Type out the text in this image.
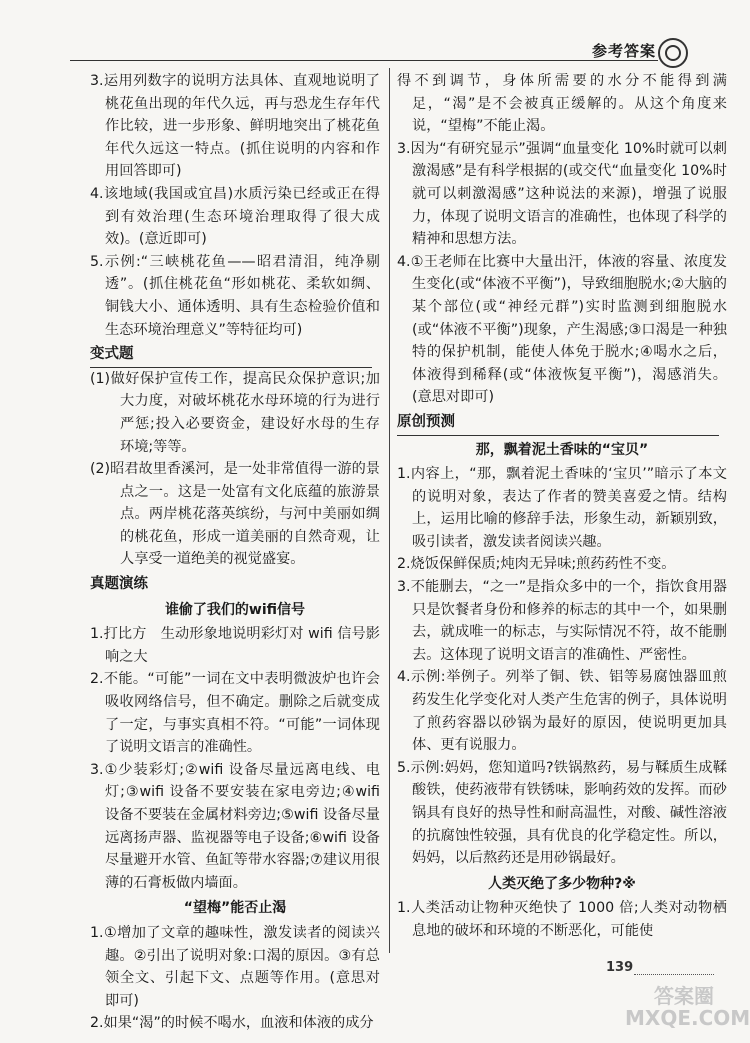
参考答案

3.运用列数字的说明方法具体、直观地说明了桃花鱼出现的年代久远，再与恐龙生存年代作比较，进一步形象、鲜明地突出了桃花鱼年代久远这一特点。(抓住说明的内容和作用回答即可)

4.该地域(我国或宜昌)水质污染已经或正在得到有效治理(生态环境治理取得了很大成效)。(意近即可)

5.示例:“三峡桃花鱼——昭君清泪，纯净剔透”。(抓住桃花鱼“形如桃花、柔软如绸、铜钱大小、通体透明、具有生态检验价值和生态环境治理意义”等特征均可)

变式题

(1)做好保护宣传工作，提高民众保护意识;加大力度，对破坏桃花水母环境的行为进行严惩;投入必要资金，建设好水母的生存环境;等等。

(2)昭君故里香溪河，是一处非常值得一游的景点之一。这是一处富有文化底蕴的旅游景点。两岸桃花落英缤纷，与河中美丽如绸的桃花鱼，形成一道美丽的自然奇观，让人享受一道绝美的视觉盛宴。

真题演练
谁偷了我们的wifi信号

1.打比方　生动形象地说明彩灯对 wifi 信号影响之大

2.不能。“可能”一词在文中表明微波炉也许会吸收网络信号，但不确定。删除之后就变成了一定，与事实真相不符。“可能”一词体现了说明文语言的准确性。

3.①少装彩灯;②wifi 设备尽量远离电线、电灯;③wifi 设备不要安装在家电旁边;④wifi 设备不要装在金属材料旁边;⑤wifi 设备尽量远离扬声器、监视器等电子设备;⑥wifi 设备尽量避开水管、鱼缸等带水容器;⑦建议用很薄的石膏板做内墙面。

“望梅”能否止渴

1.①增加了文章的趣味性，激发读者的阅读兴趣。②引出了说明对象:口渴的原因。③有总领全文、引起下文、点题等作用。(意思对即可)

2.如果“渴”的时候不喝水，血液和体液的成分

得不到调节，身体所需要的水分不能得到满足，“渴”是不会被真正缓解的。从这个角度来说，“望梅”不能止渴。

3.因为“有研究显示”强调“血量变化 10%时就可以刺激渴感”是有科学根据的(或交代“血量变化 10%时就可以刺激渴感”这种说法的来源)，增强了说服力，体现了说明文语言的准确性，也体现了科学的精神和思想方法。

4.①王老师在比赛中大量出汗，体液的容量、浓度发生变化(或“体液不平衡”)，导致细胞脱水;②大脑的某个部位(或“神经元群”)实时监测到细胞脱水(或“体液不平衡”)现象，产生渴感;③口渴是一种独特的保护机制，能使人体免于脱水;④喝水之后，体液得到稀释(或“体液恢复平衡”)，渴感消失。(意思对即可)

原创预测
那，飘着泥土香味的“宝贝”

1.内容上，“那，飘着泥土香味的‘宝贝’”暗示了本文的说明对象，表达了作者的赞美喜爱之情。结构上，运用比喻的修辞手法，形象生动，新颖别致，吸引读者，激发读者阅读兴趣。

2.烧饭保鲜保质;炖肉无异味;煎药药性不变。

3.不能删去，“之一”是指众多中的一个，指饮食用器只是饮餐者身份和修养的标志的其中一个，如果删去，就成唯一的标志，与实际情况不符，故不能删去。这体现了说明文语言的准确性、严密性。

4.示例:举例子。列举了铜、铁、铝等易腐蚀器皿煎药发生化学变化对人类产生危害的例子，具体说明了煎药容器以砂锅为最好的原因，使说明更加具体、更有说服力。

5.示例:妈妈，您知道吗?铁锅熬药，易与鞣质生成鞣酸铁，使药液带有铁锈味，影响药效的发挥。而砂锅具有良好的热导性和耐高温性，对酸、碱性溶液的抗腐蚀性较强，具有优良的化学稳定性。所以，妈妈，以后熬药还是用砂锅最好。

人类灭绝了多少物种?※

1.人类活动让物种灭绝快了 1000 倍;人类对动物栖息地的破坏和环境的不断恶化，可能使

139
答案圈
MXQE.COM
